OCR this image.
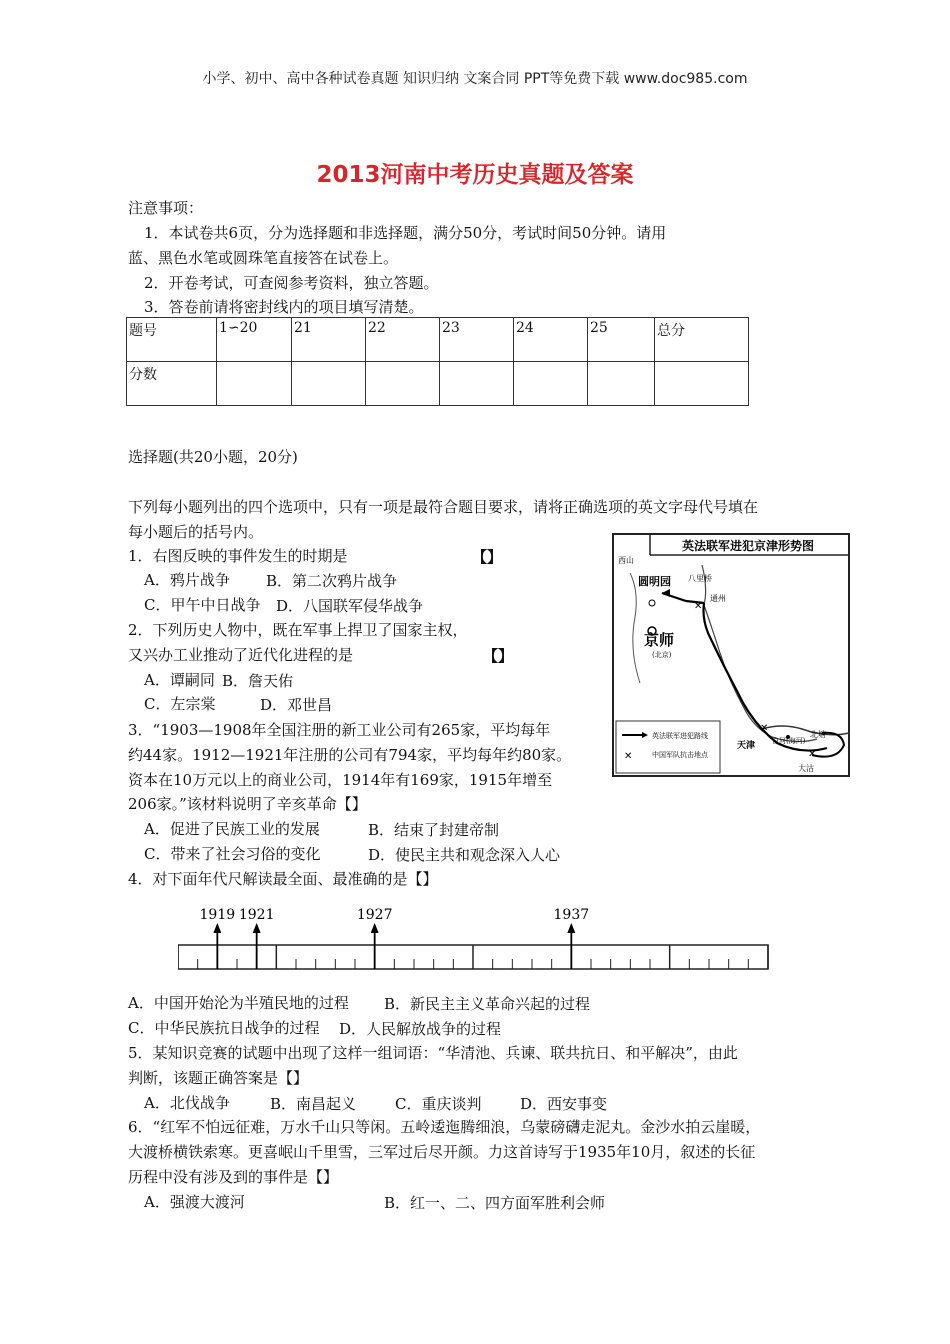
小学、初中、高中各种试卷真题 知识归纳 文案合同 PPT等免费下载 www.doc985.com
2013河南中考历史真题及答案
注意事项：
1．本试卷共6页，分为选择题和非选择题，满分50分，考试时间50分钟。请用
蓝、黑色水笔或圆珠笔直接答在试卷上。
2．开卷考试，可查阅参考资料，独立答题。
3．答卷前请将密封线内的项目填写清楚。
题号	1∽20	21	22	23	24	25	总分
分数							
选择题(共20小题，20分)
下列每小题列出的四个选项中，只有一项是最符合题目要求，请将正确选项的英文字母代号填在
每小题后的括号内。
1．右图反映的事件发生的时期是	【】
A．鸦片战争 B．第二次鸦片战争
C．甲午中日战争 D．八国联军侵华战争
2．下列历史人物中，既在军事上捍卫了国家主权，
又兴办工业推动了近代化进程的是	【】
A．谭嗣同 B．詹天佑
C．左宗棠	D．邓世昌
英法联军进犯京津形势图
✕
✕
✕
西山
圆明园 八里桥
通州
京师
(北京)
天津 白河(海河)
北塘
大沽
英法联军进犯路线
✕	中国军队抗击地点
3．“1903—1908年全国注册的新工业公司有265家，平均每年
约44家。1912—1921年注册的公司有794家，平均每年约80家。
资本在10万元以上的商业公司，1914年有169家，1915年增至
206家。”该材料说明了辛亥革命【】
A．促进了民族工业的发展	B．结束了封建帝制
C．带来了社会习俗的变化	D．使民主共和观念深入人心
4．对下面年代尺解读最全面、最准确的是【】
1919 1921	1927	1937
A．中国开始沦为半殖民地的过程 B．新民主主义革命兴起的过程
C．中华民族抗日战争的过程 D．人民解放战争的过程
5．某知识竞赛的试题中出现了这样一组词语：“华清池、兵谏、联共抗日、和平解决”，由此
判断，该题正确答案是【】
A．北伐战争	B．南昌起义	C．重庆谈判	D．西安事变
6．“红军不怕远征难，万水千山只等闲。五岭逶迤腾细浪，乌蒙磅礴走泥丸。金沙水拍云崖暖，
大渡桥横铁索寒。更喜岷山千里雪，三军过后尽开颜。力这首诗写于1935年10月，叙述的长征
历程中没有涉及到的事件是【】
A．强渡大渡河	B．红一、二、四方面军胜利会师
